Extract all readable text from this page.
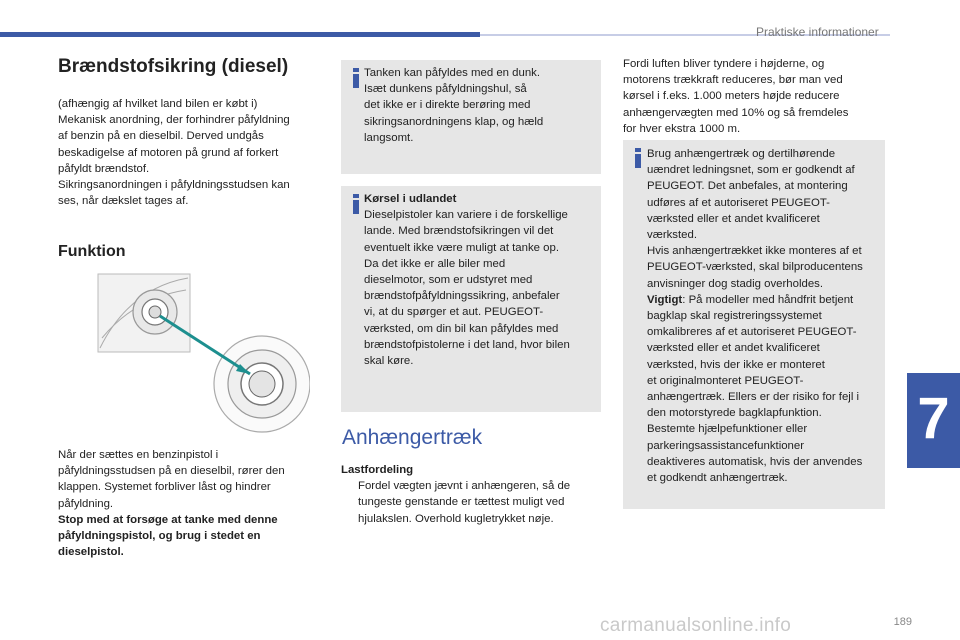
Praktiske informationer
Brændstofsikring (diesel)

(afhængig af hvilket land bilen er købt i)

Mekanisk anordning, der forhindrer påfyldning

af benzin på en dieselbil. Derved undgås

beskadigelse af motoren på grund af forkert

påfyldt brændstof.

Sikringsanordningen i påfyldningsstudsen kan

ses, når dækslet tages af.

Funktion

Når der sættes en benzinpistol i

påfyldningsstudsen på en dieselbil, rører den

klappen. Systemet forbliver låst og hindrer

påfyldning.

Stop med at forsøge at tanke med denne

påfyldningspistol, og brug i stedet en

dieselpistol.

Tanken kan påfyldes med en dunk.

Isæt dunkens påfyldningshul, så

det ikke er i direkte berøring med

sikringsanordningens klap, og hæld

langsomt.

Kørsel i udlandet

Dieselpistoler kan variere i de forskellige

lande. Med brændstofsikringen vil det

eventuelt ikke være muligt at tanke op.

Da det ikke er alle biler med

dieselmotor, som er udstyret med

brændstofpåfyldningssikring, anbefaler

vi, at du spørger et aut. PEUGEOT-

værksted, om din bil kan påfyldes med

brændstofpistolerne i det land, hvor bilen

skal køre.

Anhængertræk

Lastfordeling

Fordel vægten jævnt i anhængeren, så de

tungeste genstande er tættest muligt ved

hjulakslen. Overhold kugletrykket nøje.

Fordi luften bliver tyndere i højderne, og

motorens trækkraft reduceres, bør man ved

kørsel i f.eks. 1.000 meters højde reducere

anhængervægten med 10% og så fremdeles

for hver ekstra 1000 m.

Brug anhængertræk og dertilhørende

uændret ledningsnet, som er godkendt af

PEUGEOT. Det anbefales, at montering

udføres af et autoriseret PEUGEOT-

værksted eller et andet kvalificeret

værksted.

Hvis anhængertrækket ikke monteres af et

PEUGEOT-værksted, skal bilproducentens

anvisninger dog stadig overholdes.

Vigtigt: På modeller med håndfrit betjent

bagklap skal registreringssystemet

omkalibreres af et autoriseret PEUGEOT-

værksted eller et andet kvalificeret

værksted, hvis der ikke er monteret

et originalmonteret PEUGEOT-

anhængertræk. Ellers er der risiko for fejl i

den motorstyrede bagklapfunktion.

Bestemte hjælpefunktioner eller

parkeringsassistancefunktioner

deaktiveres automatisk, hvis der anvendes

et godkendt anhængertræk.

7
carmanualsonline.info	189
